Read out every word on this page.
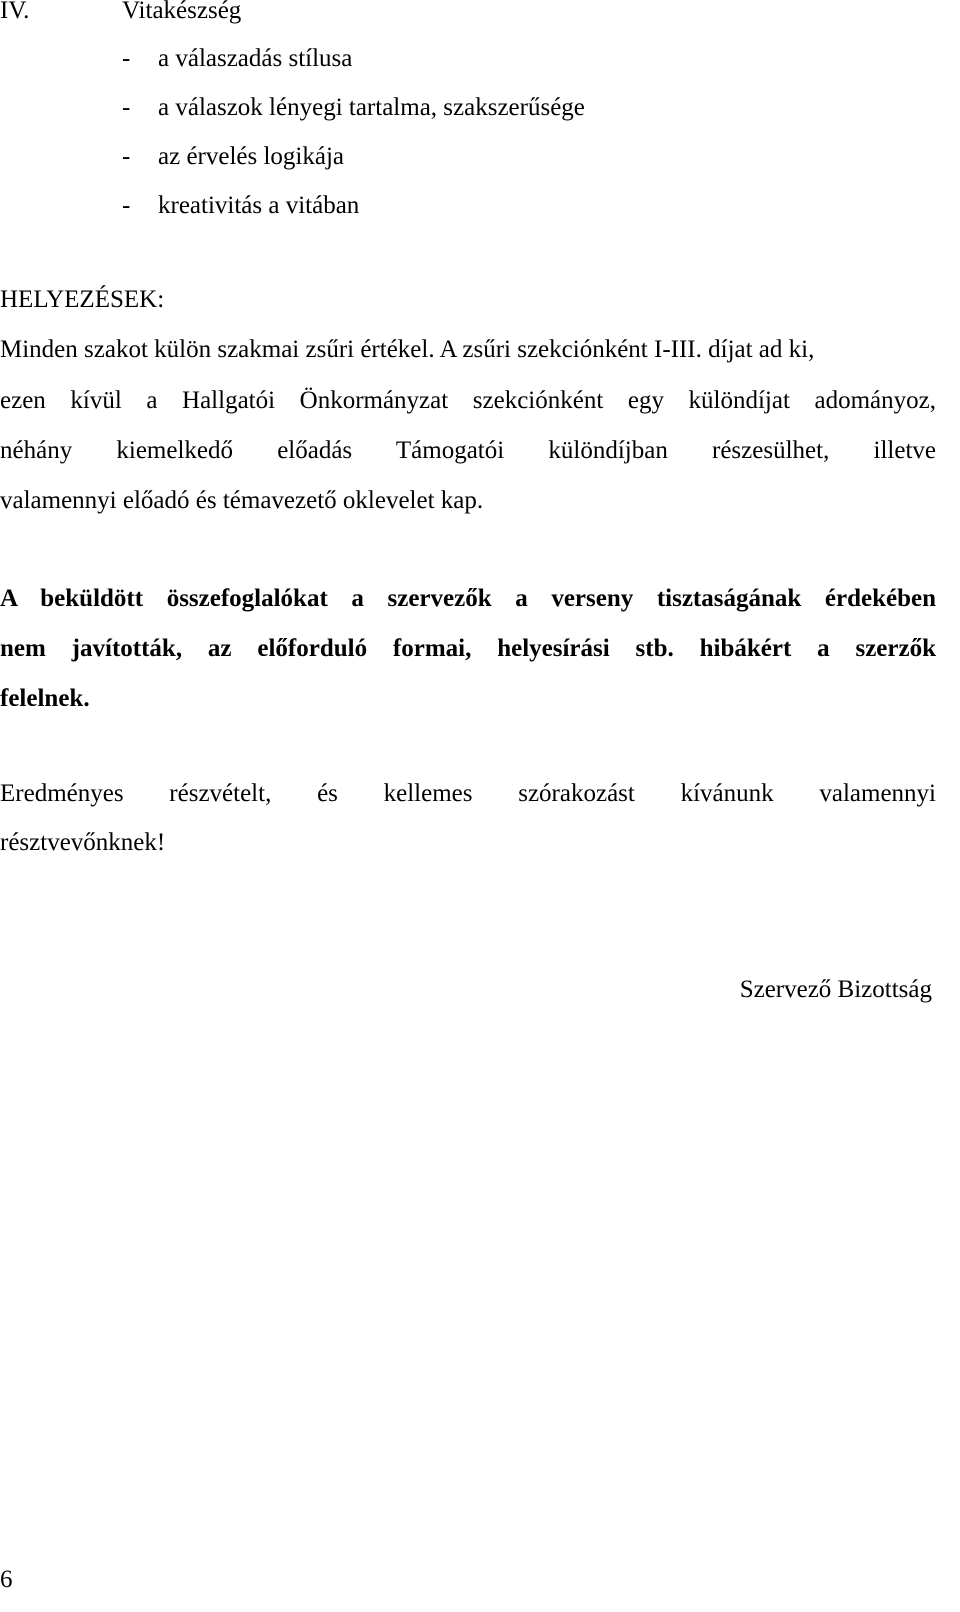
IV.	Vitakészség
- a válaszadás stílusa
- a válaszok lényegi tartalma, szakszerűsége
- az érvelés logikája
- kreativitás a vitában
HELYEZÉSEK:
Minden szakot külön szakmai zsűri értékel. A zsűri szekciónként I-III. díjat ad ki,
ezen kívül a Hallgatói Önkormányzat szekciónként egy különdíjat adományoz,
néhány kiemelkedő előadás Támogatói különdíjban részesülhet, illetve
valamennyi előadó és témavezető oklevelet kap.
A beküldött összefoglalókat a szervezők a verseny tisztaságának érdekében
nem javították, az előforduló formai, helyesírási stb. hibákért a szerzők
felelnek.
Eredményes részvételt, és kellemes szórakozást kívánunk valamennyi
résztvevőnknek!
Szervező Bizottság
6
